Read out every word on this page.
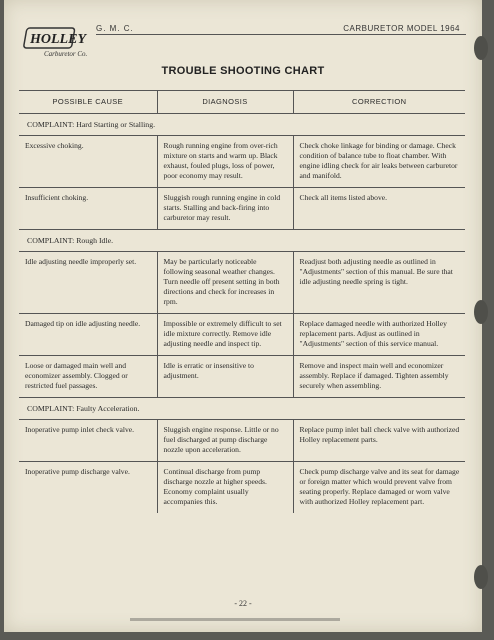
HOLLEY
Carburetor Co.
G. M. C.	CARBURETOR MODEL 1964
TROUBLE SHOOTING CHART
POSSIBLE CAUSE	DIAGNOSIS	CORRECTION
COMPLAINT: Hard Starting or Stalling.		
Excessive choking.	Rough running engine from over-rich mixture on starts and warm up. Black exhaust, fouled plugs, loss of power, poor economy may result.	Check choke linkage for binding or damage. Check condition of balance tube to float chamber. With engine idling check for air leaks between carburetor and manifold.
Insufficient choking.	Sluggish rough running engine in cold starts. Stalling and back-firing into carburetor may result.	Check all items listed above.
COMPLAINT: Rough Idle.		
Idle adjusting needle improperly set.	May be particularly noticeable following seasonal weather changes. Turn needle off present setting in both directions and check for increases in rpm.	Readjust both adjusting needle as outlined in "Adjustments" section of this manual. Be sure that idle adjusting needle spring is tight.
Damaged tip on idle adjusting needle.	Impossible or extremely difficult to set idle mixture correctly. Remove idle adjusting needle and inspect tip.	Replace damaged needle with authorized Holley replacement parts. Adjust as outlined in "Adjustments" section of this service manual.
Loose or damaged main well and economizer assembly. Clogged or restricted fuel passages.	Idle is erratic or insensitive to adjustment.	Remove and inspect main well and economizer assembly. Replace if damaged. Tighten assembly securely when assembling.
COMPLAINT: Faulty Acceleration.		
Inoperative pump inlet check valve.	Sluggish engine response. Little or no fuel discharged at pump discharge nozzle upon acceleration.	Replace pump inlet ball check valve with authorized Holley replacement parts.
Inoperative pump discharge valve.	Continual discharge from pump discharge nozzle at higher speeds. Economy complaint usually accompanies this.	Check pump discharge valve and its seat for damage or foreign matter which would prevent valve from seating properly. Replace damaged or worn valve with authorized Holley replacement part.
- 22 -
